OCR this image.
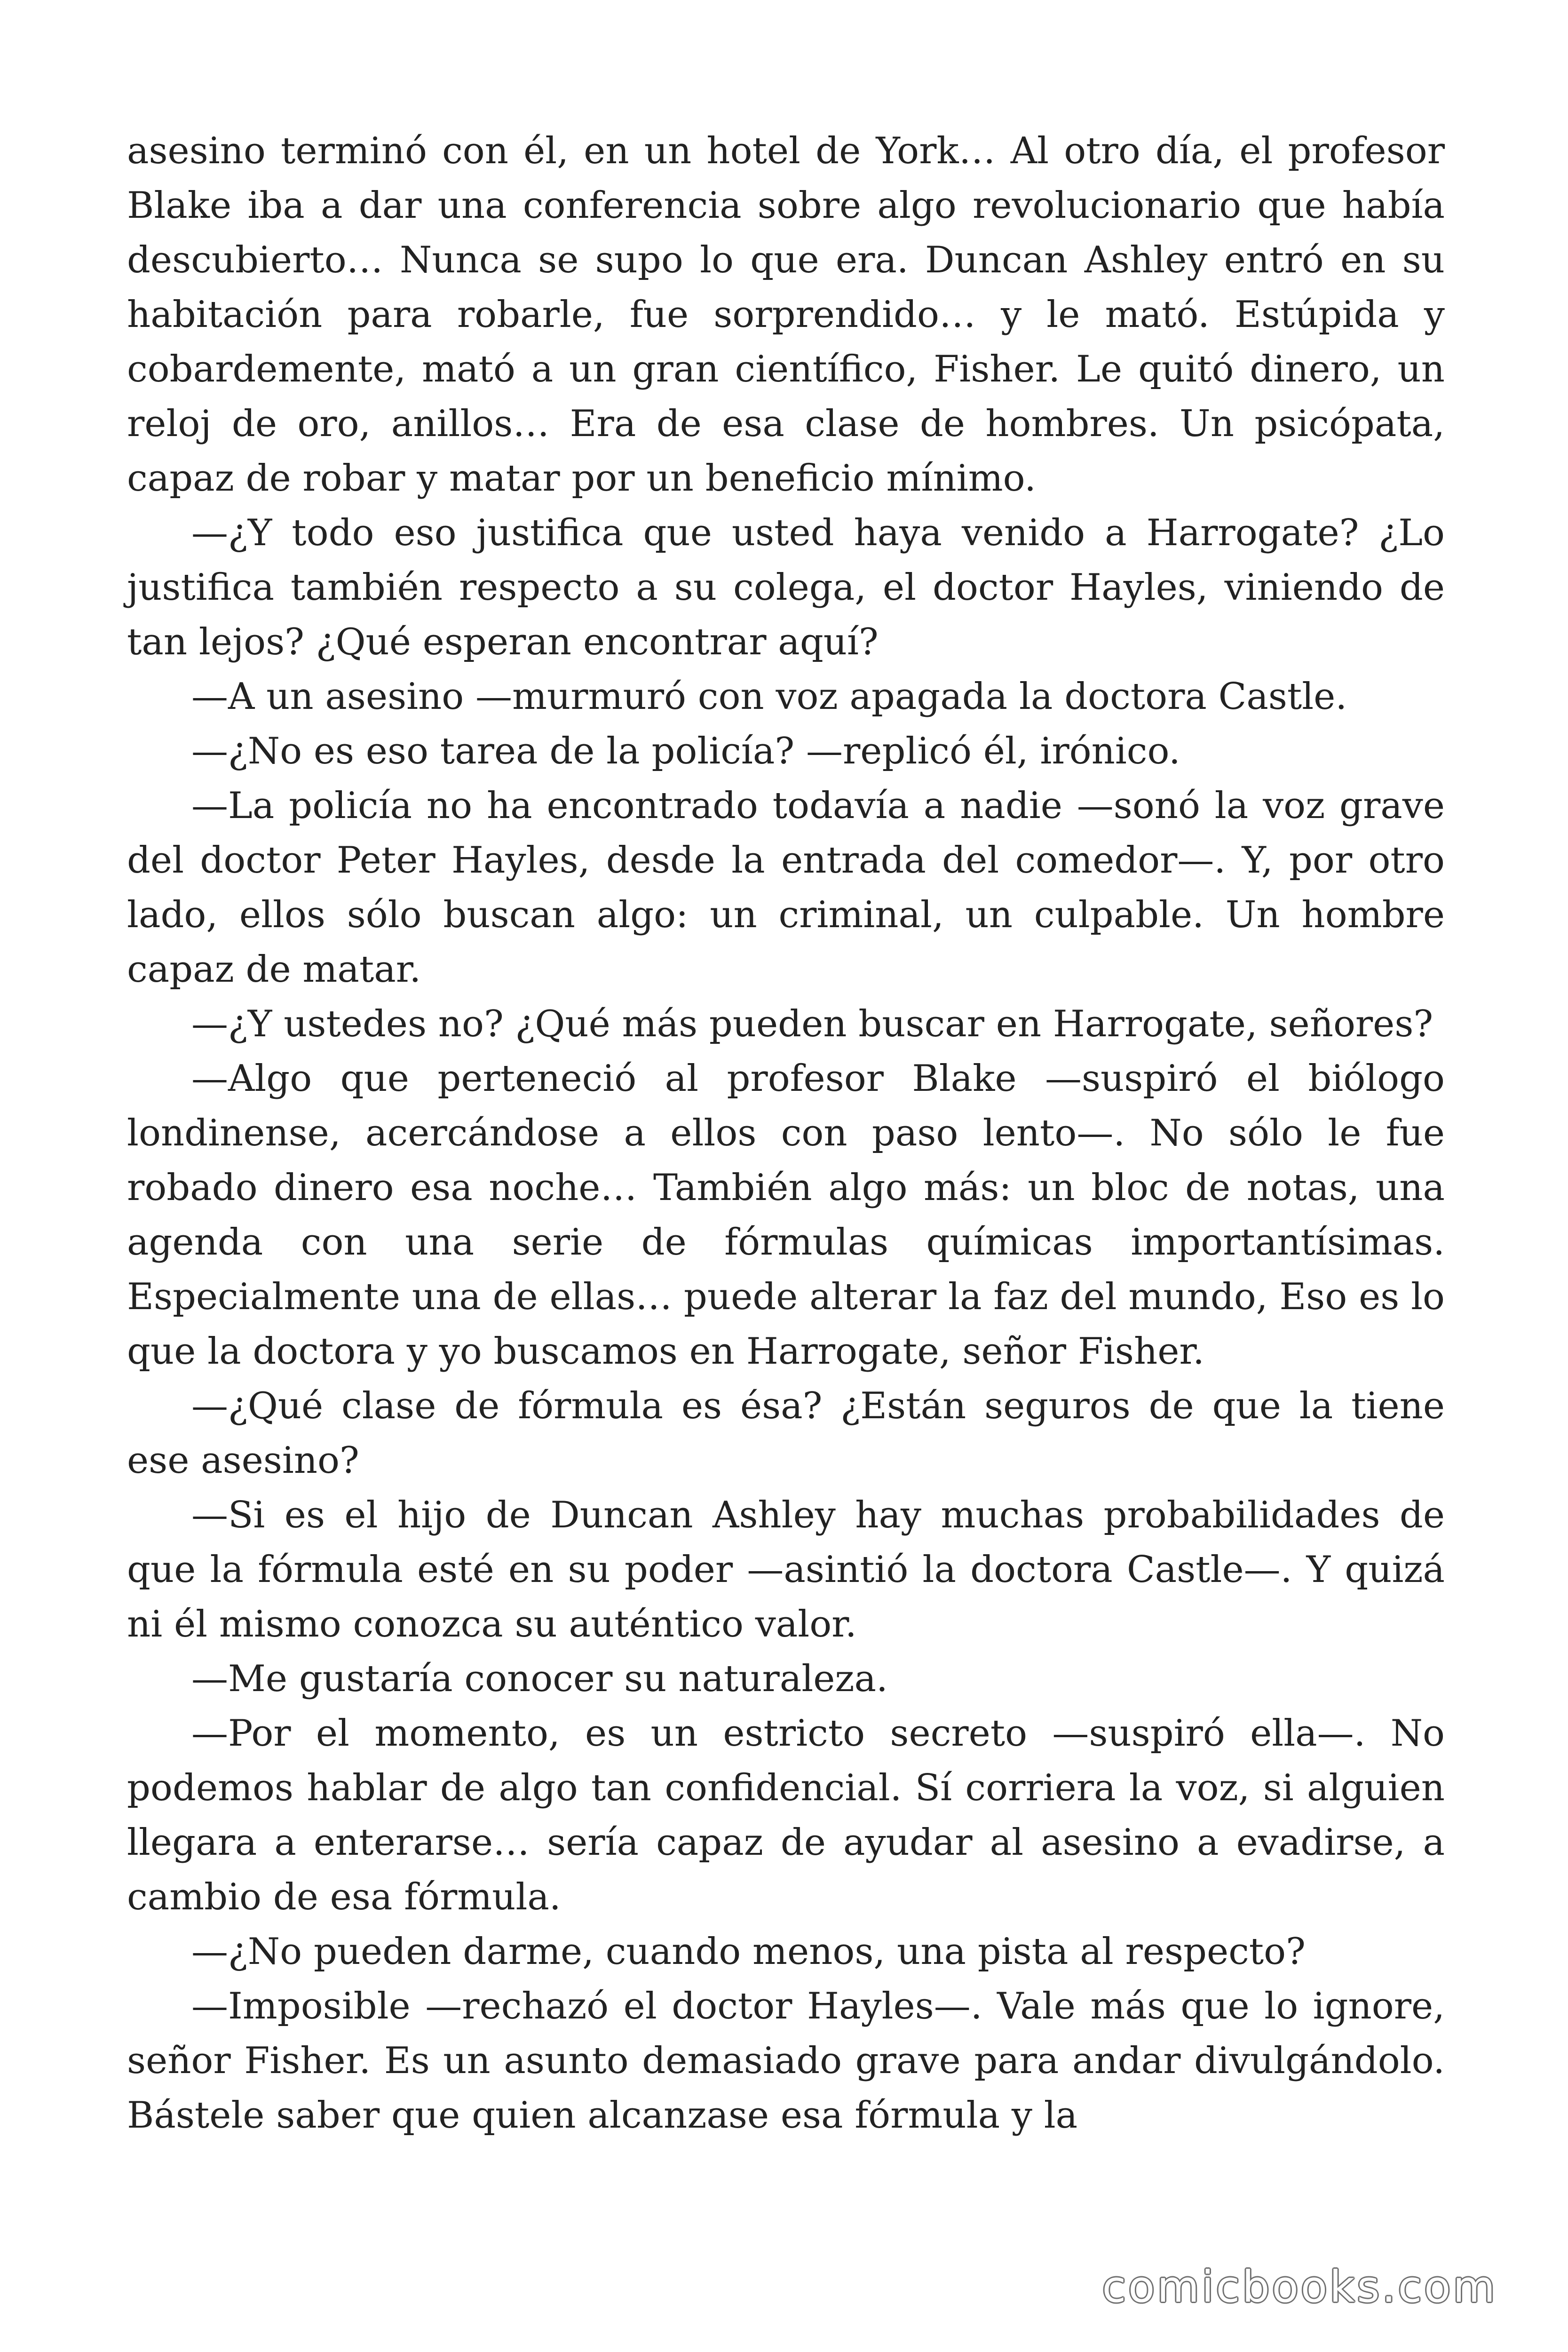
asesino terminó con él, en un hotel de York… Al otro día, el profesor Blake iba a dar una conferencia sobre algo revolucionario que había descubierto… Nunca se supo lo que era. Duncan Ashley entró en su habitación para robarle, fue sorprendido… y le mató. Estúpida y cobardemente, mató a un gran científico, Fisher. Le quitó dinero, un reloj de oro, anillos… Era de esa clase de hombres. Un psicópata, capaz de robar y matar por un beneficio mínimo.

—¿Y todo eso justifica que usted haya venido a Harrogate? ¿Lo justifica también respecto a su colega, el doctor Hayles, viniendo de tan lejos? ¿Qué esperan encontrar aquí?

—A un asesino —murmuró con voz apagada la doctora Castle.

—¿No es eso tarea de la policía? —replicó él, irónico.

—La policía no ha encontrado todavía a nadie —sonó la voz grave del doctor Peter Hayles, desde la entrada del comedor—. Y, por otro lado, ellos sólo buscan algo: un criminal, un culpable. Un hombre capaz de matar.

—¿Y ustedes no? ¿Qué más pueden buscar en Harrogate, señores?

—Algo que perteneció al profesor Blake —suspiró el biólogo londinense, acercándose a ellos con paso lento—. No sólo le fue robado dinero esa noche… También algo más: un bloc de notas, una agenda con una serie de fórmulas químicas importantísimas. Especialmente una de ellas… puede alterar la faz del mundo, Eso es lo que la doctora y yo buscamos en Harrogate, señor Fisher.

—¿Qué clase de fórmula es ésa? ¿Están seguros de que la tiene ese asesino?

—Si es el hijo de Duncan Ashley hay muchas probabilidades de que la fórmula esté en su poder —asintió la doctora Castle—. Y quizá ni él mismo conozca su auténtico valor.

—Me gustaría conocer su naturaleza.

—Por el momento, es un estricto secreto —suspiró ella—. No podemos hablar de algo tan confidencial. Sí corriera la voz, si alguien llegara a enterarse… sería capaz de ayudar al asesino a evadirse, a cambio de esa fórmula.

—¿No pueden darme, cuando menos, una pista al respecto?

—Imposible —rechazó el doctor Hayles—. Vale más que lo ignore, señor Fisher. Es un asunto demasiado grave para andar divulgándolo. Bástele saber que quien alcanzase esa fórmula y la

comicbooks.com
